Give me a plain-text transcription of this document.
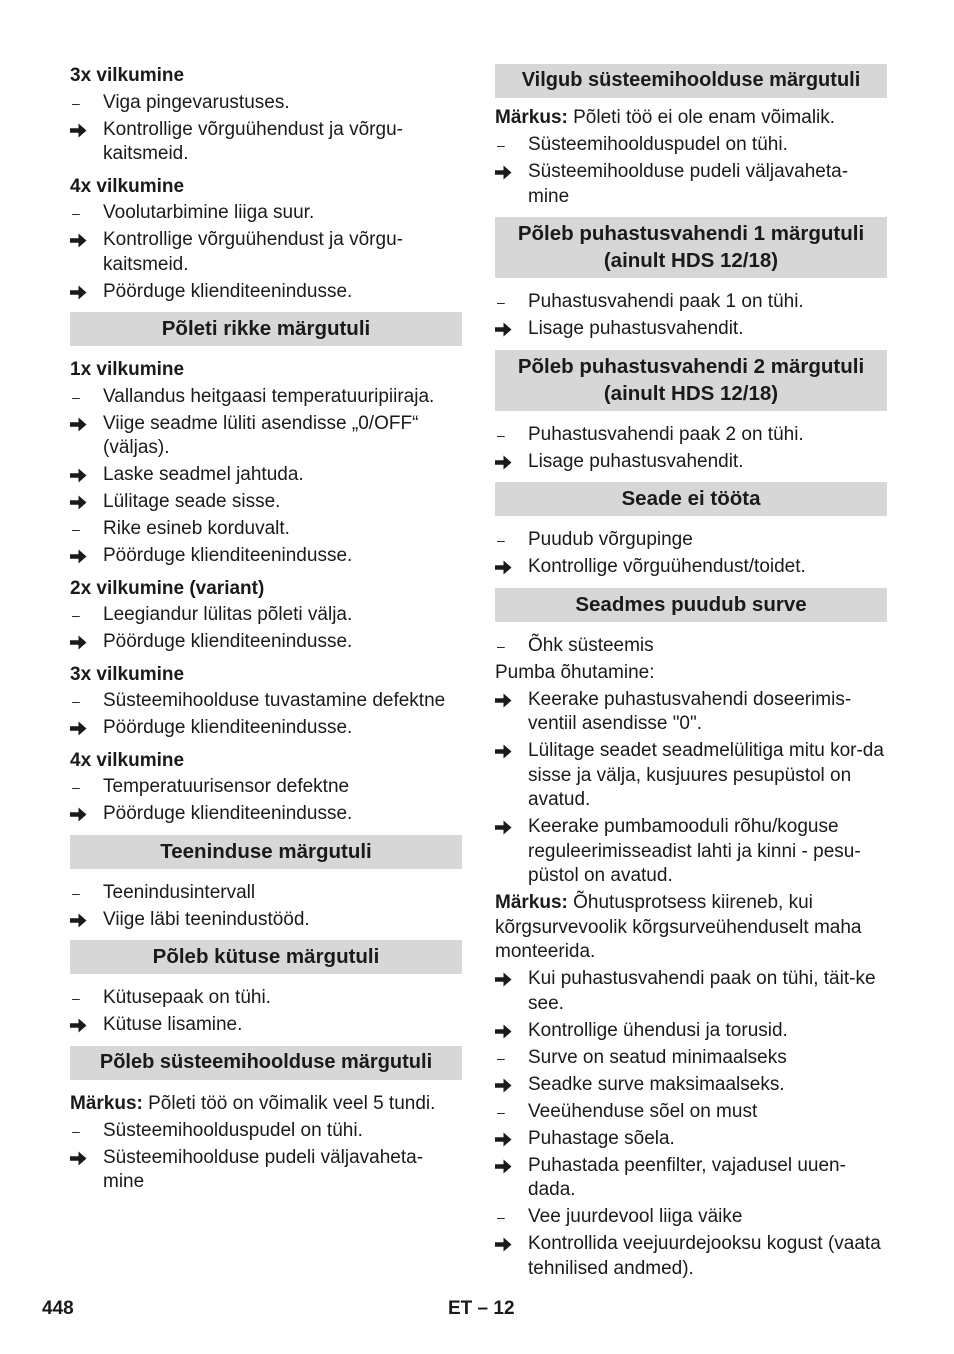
3x vilkumine
–	Viga pingevarustuses.
Kontrollige võrguühendust ja võrgu-kaitsmeid.
4x vilkumine
–	Voolutarbimine liiga suur.
Kontrollige võrguühendust ja võrgu-kaitsmeid.
Pöörduge klienditeenindusse.
Põleti rikke märgutuli
1x vilkumine
–	Vallandus heitgaasi temperatuuripiiraja.
Viige seadme lüliti asendisse „0/OFF“ (väljas).
Laske seadmel jahtuda.
Lülitage seade sisse.
–	Rike esineb korduvalt.
Pöörduge klienditeenindusse.
2x vilkumine (variant)
–	Leegiandur lülitas põleti välja.
Pöörduge klienditeenindusse.
3x vilkumine
–	Süsteemihoolduse tuvastamine defektne
Pöörduge klienditeenindusse.
4x vilkumine
–	Temperatuurisensor defektne
Pöörduge klienditeenindusse.
Teeninduse märgutuli
–	Teenindusintervall
Viige läbi teenindustööd.
Põleb kütuse märgutuli
–	Kütusepaak on tühi.
Kütuse lisamine.
Põleb süsteemihoolduse märgutuli
Märkus: Põleti töö on võimalik veel 5 tundi.
–	Süsteemihoolduspudel on tühi.
Süsteemihoolduse pudeli väljavaheta-mine
Vilgub süsteemihoolduse märgutuli
Märkus: Põleti töö ei ole enam võimalik.
–	Süsteemihoolduspudel on tühi.
Süsteemihoolduse pudeli väljavaheta-mine
Põleb puhastusvahendi 1 märgutuli (ainult HDS 12/18)
–	Puhastusvahendi paak 1 on tühi.
Lisage puhastusvahendit.
Põleb puhastusvahendi 2 märgutuli (ainult HDS 12/18)
–	Puhastusvahendi paak 2 on tühi.
Lisage puhastusvahendit.
Seade ei tööta
–	Puudub võrgupinge
Kontrollige võrguühendust/toidet.
Seadmes puudub surve
–	Õhk süsteemis
Pumba õhutamine:
Keerake puhastusvahendi doseerimis-ventiil asendisse "0".
Lülitage seadet seadmelülitiga mitu kor-da sisse ja välja, kusjuures pesupüstol on avatud.
Keerake pumbamooduli rõhu/koguse reguleerimisseadist lahti ja kinni - pesu-püstol on avatud.
Märkus: Õhutusprotsess kiireneb, kui kõrgsurvevoolik kõrgsurveühenduselt maha monteerida.
Kui puhastusvahendi paak on tühi, täit-ke see.
Kontrollige ühendusi ja torusid.
–	Surve on seatud minimaalseks
Seadke surve maksimaalseks.
–	Veeühenduse sõel on must
Puhastage sõela.
Puhastada peenfilter, vajadusel uuen-dada.
–	Vee juurdevool liiga väike
Kontrollida veejuurdejooksu kogust (vaata tehnilised andmed).
448	ET – 12
